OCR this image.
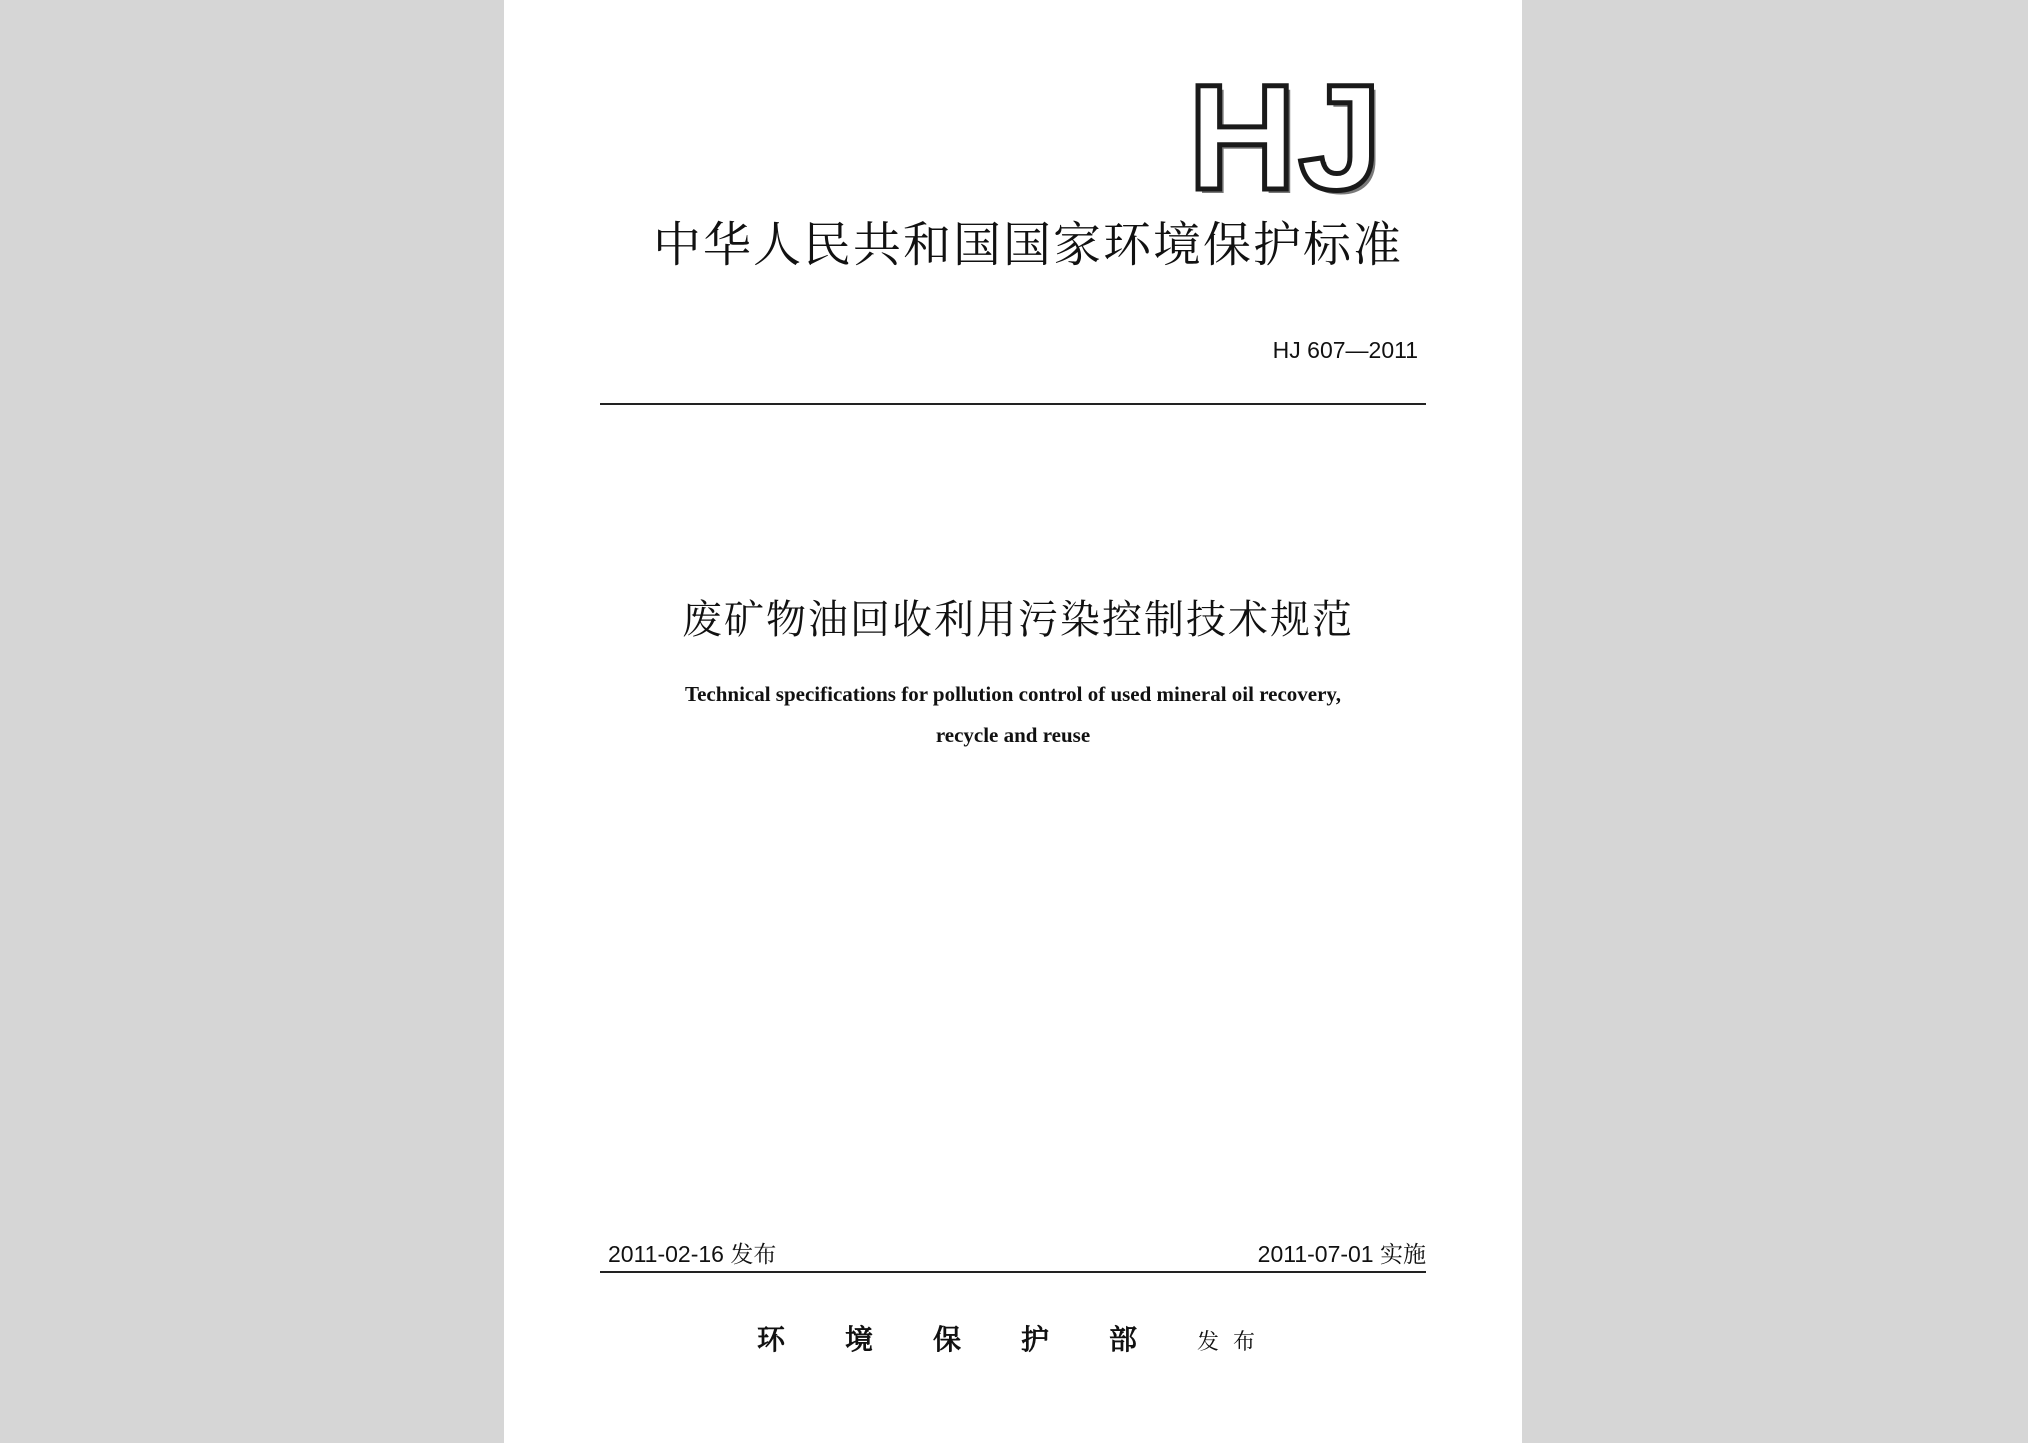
HJ
中华人民共和国国家环境保护标准
HJ 607—2011
废矿物油回收利用污染控制技术规范
Technical specifications for pollution control of used mineral oil recovery,
recycle and reuse
2011-02-16 发布	2011-07-01 实施
环境保护部发布
